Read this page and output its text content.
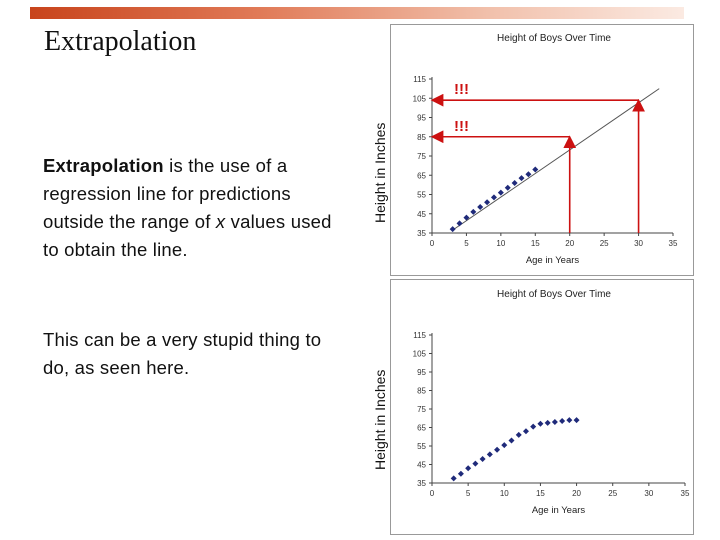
Extrapolation
Extrapolation is the use of a regression line for predictions outside the range of x values used to obtain the line.
This can be a very stupid thing to do, as seen here.
Height in Inches
Height in Inches
Height of Boys Over Time
35
45
55
65
75
85
95
105
115
0	5	10	15	20	25	30	35
Age in Years
!!!
!!!
Height of Boys Over Time
35
45
55
65
75
85
95
105
115
0	5	10	15	20	25	30	35
Age in Years
